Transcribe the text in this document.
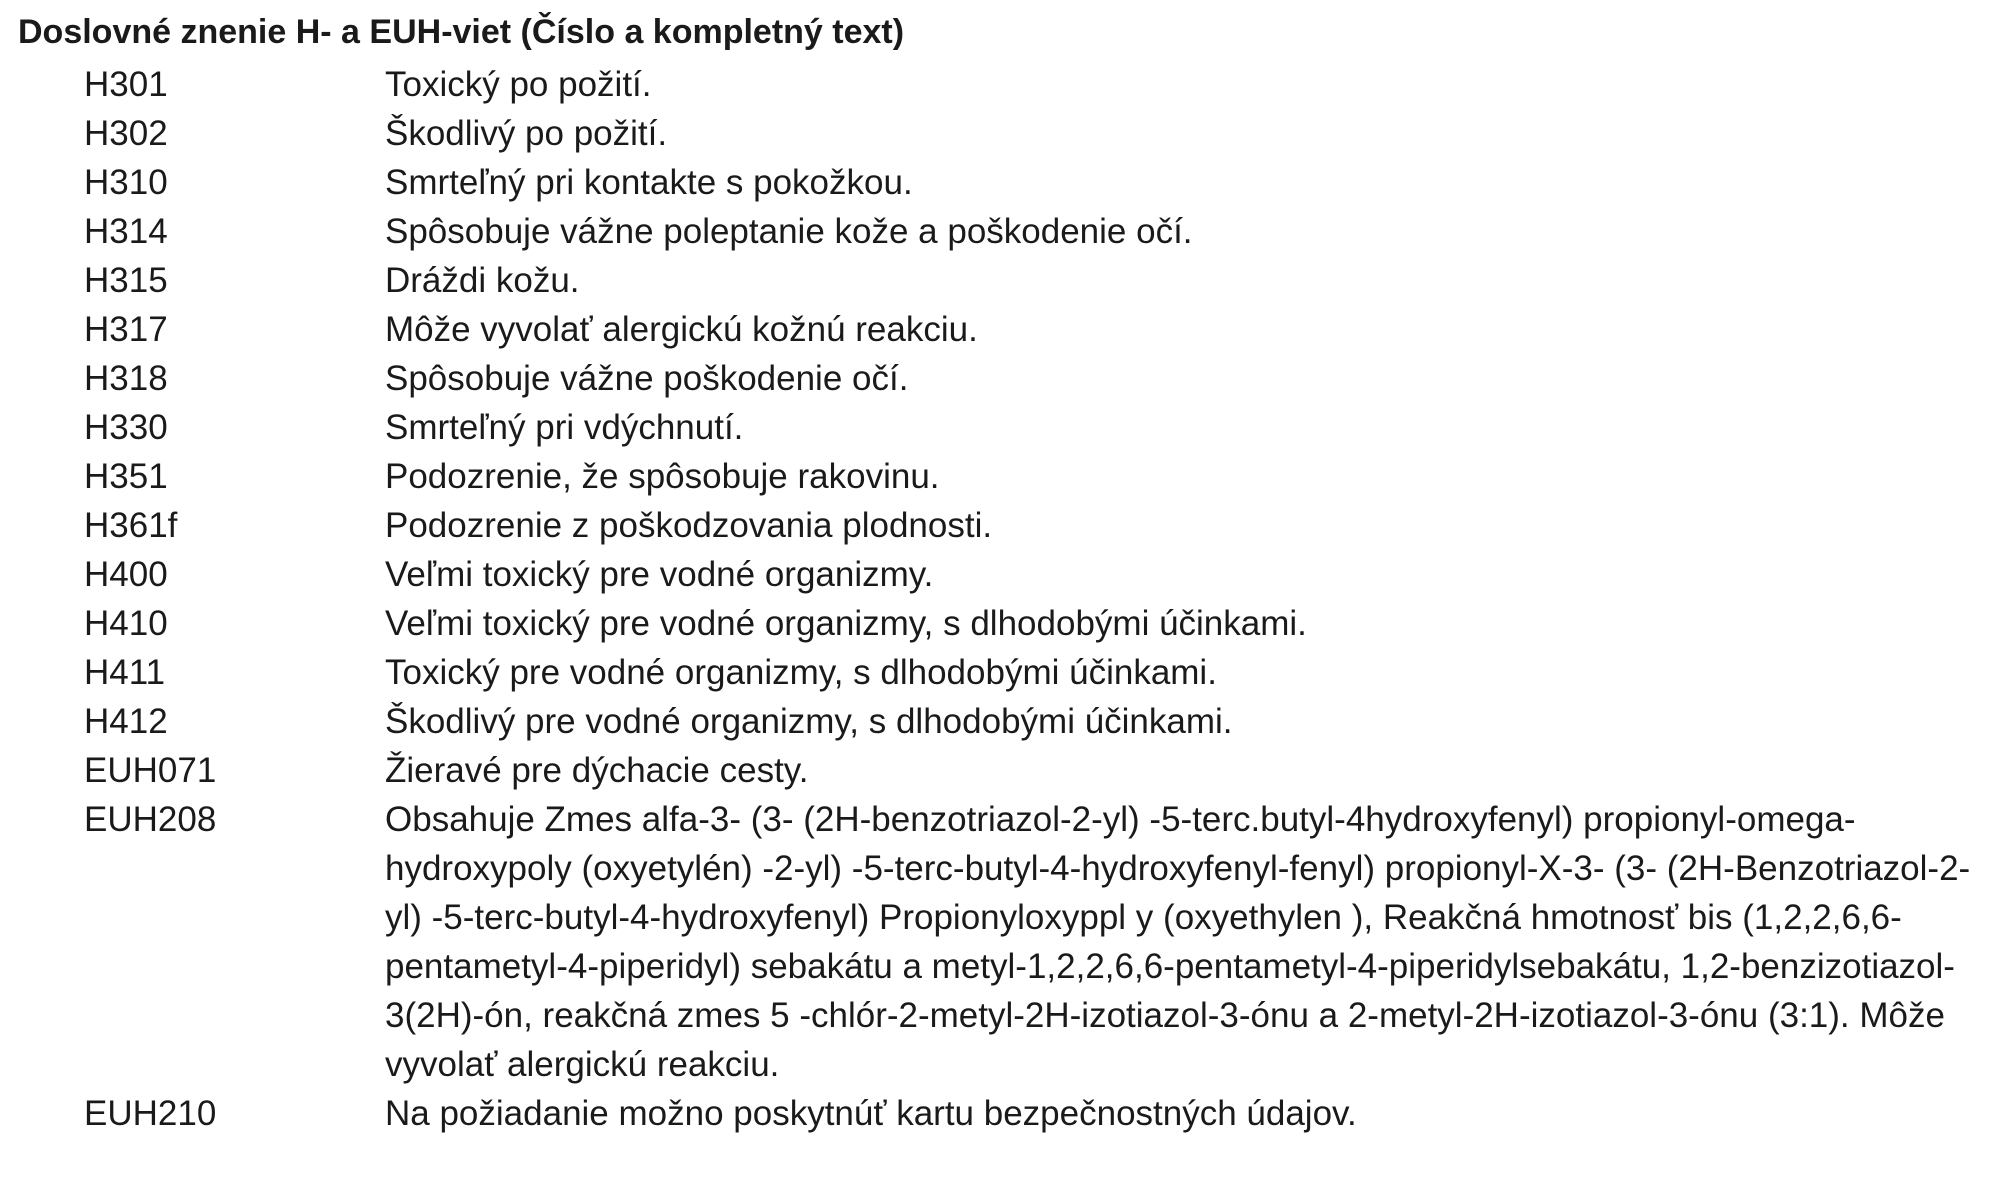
Doslovné znenie H- a EUH-viet (Číslo a kompletný text)
H301	Toxický po požití.
H302	Škodlivý po požití.
H310	Smrteľný pri kontakte s pokožkou.
H314	Spôsobuje vážne poleptanie kože a poškodenie očí.
H315	Dráždi kožu.
H317	Môže vyvolať alergickú kožnú reakciu.
H318	Spôsobuje vážne poškodenie očí.
H330	Smrteľný pri vdýchnutí.
H351	Podozrenie, že spôsobuje rakovinu.
H361f	Podozrenie z poškodzovania plodnosti.
H400	Veľmi toxický pre vodné organizmy.
H410	Veľmi toxický pre vodné organizmy, s dlhodobými účinkami.
H411	Toxický pre vodné organizmy, s dlhodobými účinkami.
H412	Škodlivý pre vodné organizmy, s dlhodobými účinkami.
EUH071	Žieravé pre dýchacie cesty.
EUH208	Obsahuje Zmes alfa-3- (3- (2H-benzotriazol-2-yl) -5-terc.butyl-4hydroxyfenyl) propionyl-omega-hydroxypoly (oxyetylén) -2-yl) -5-terc-butyl-4-hydroxyfenyl-fenyl) propionyl-X-3- (3- (2H-Benzotriazol-2-yl) -5-terc-butyl-4-hydroxyfenyl) Propionyloxyppl y (oxyethylen ), Reakčná hmotnosť bis (1,2,2,6,6-pentametyl-4-piperidyl) sebakátu a metyl-1,2,2,6,6-pentametyl-4-piperidylsebakátu, 1,2-benzizotiazol-3(2H)-ón, reakčná zmes 5 -chlór-2-metyl-2H-izotiazol-3-ónu a 2-metyl-2H-izotiazol-3-ónu (3:1). Môže vyvolať alergickú reakciu.
EUH210	Na požiadanie možno poskytnúť kartu bezpečnostných údajov.
